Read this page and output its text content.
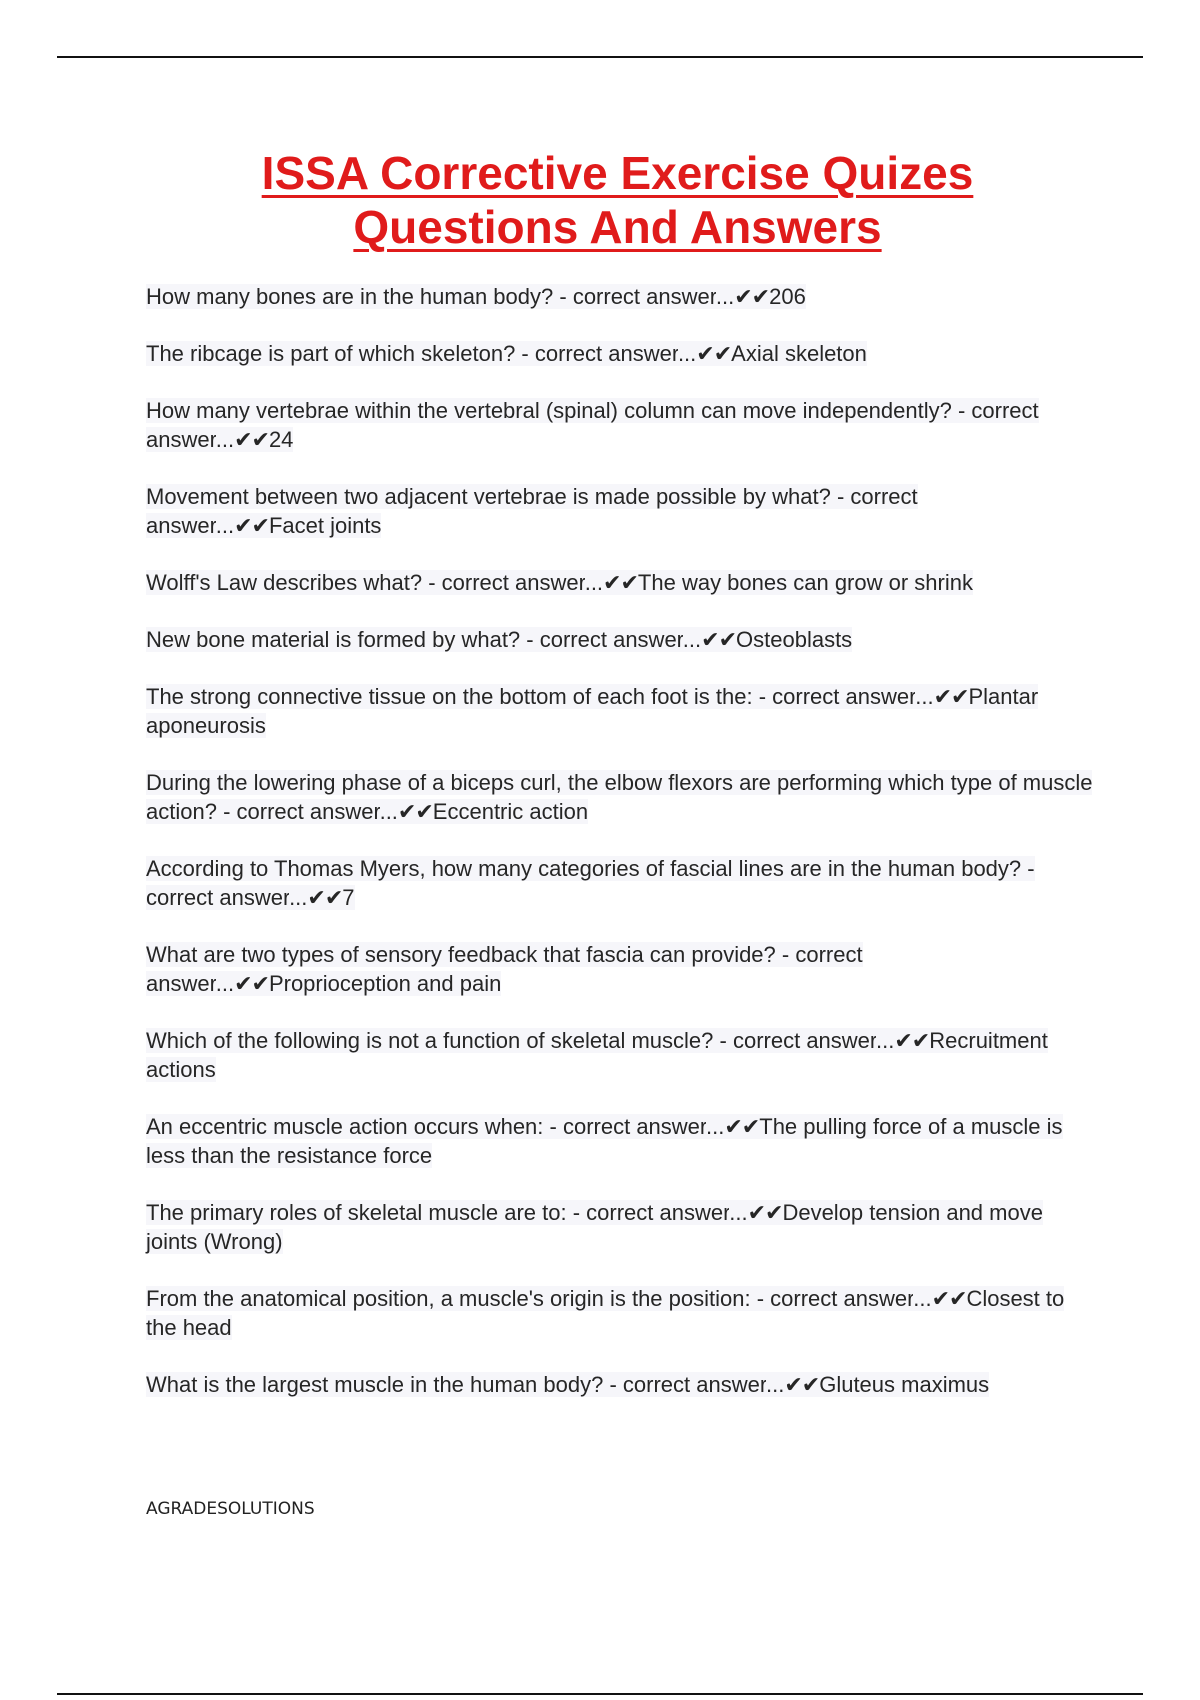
ISSA Corrective Exercise Quizes
Questions And Answers
How many bones are in the human body? - correct answer ... ✔✔206
The ribcage is part of which skeleton? - correct answer ... ✔✔Axial skeleton
How many vertebrae within the vertebral (spinal) column can move independently? - correct answer ... ✔✔24
Movement between two adjacent vertebrae is made possible by what? - correct answer ... ✔✔Facet joints
Wolff's Law describes what? - correct answer ... ✔✔The way bones can grow or shrink
New bone material is formed by what? - correct answer ... ✔✔Osteoblasts
The strong connective tissue on the bottom of each foot is the: - correct answer ... ✔✔Plantar aponeurosis
During the lowering phase of a biceps curl, the elbow flexors are performing which type of muscle action? - correct answer ... ✔✔Eccentric action
According to Thomas Myers, how many categories of fascial lines are in the human body?- correct answer ... ✔✔7
What are two types of sensory feedback that fascia can provide? - correct answer ... ✔✔Proprioception and pain
Which of the following is not a function of skeletal muscle? - correct answer ... ✔✔Recruitment actions
An eccentric muscle action occurs when: - correct answer ... ✔✔The pulling force of a muscle is less than the resistance force
The primary roles of skeletal muscle are to: - correct answer ... ✔✔Develop tension and move joints (Wrong)
From the anatomical position, a muscle's origin is the position: - correct answer ... ✔✔Closest to the head
What is the largest muscle in the human body? - correct answer ... ✔✔Gluteus maximus
AGRADESOLUTIONS
